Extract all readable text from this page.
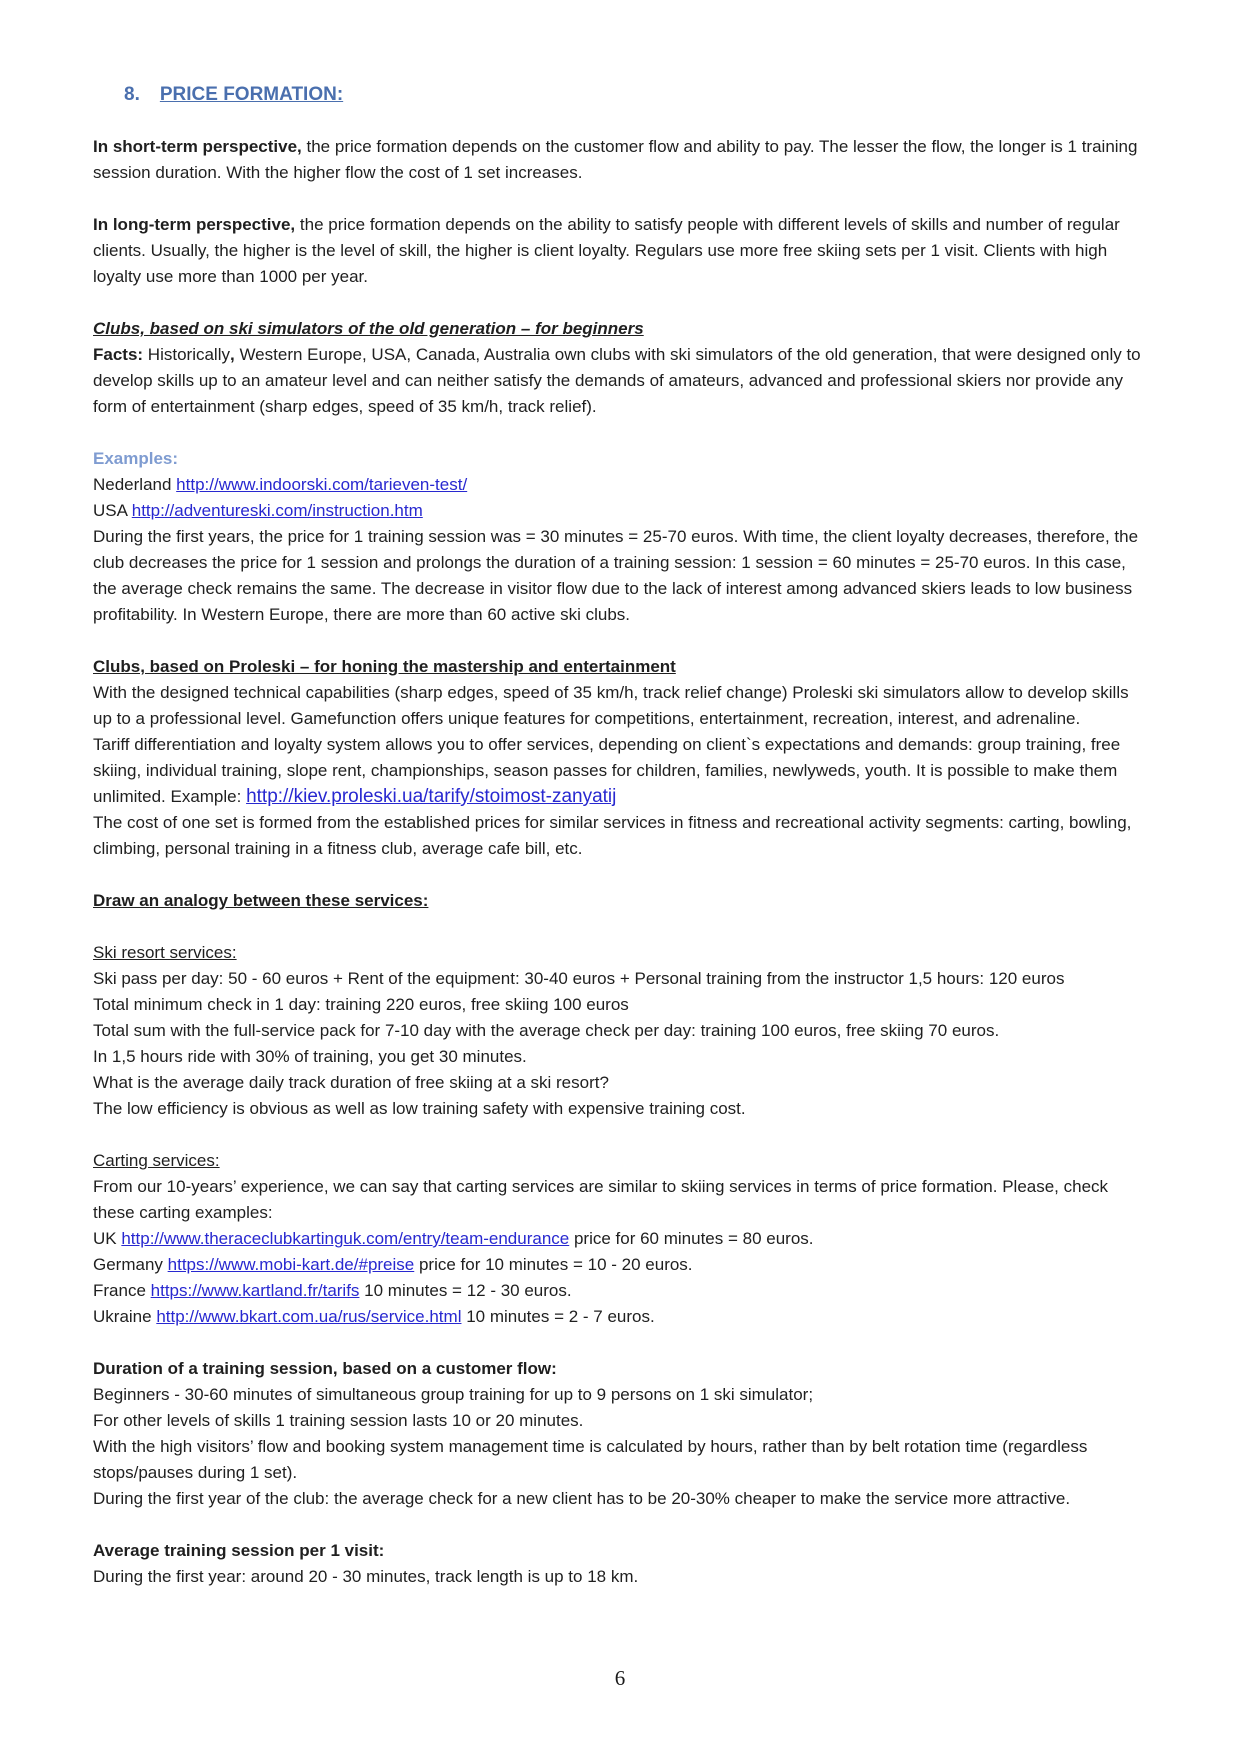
8. PRICE FORMATION:

In short-term perspective, the price formation depends on the customer flow and ability to pay. The lesser the flow, the longer is 1 training session duration. With the higher flow the cost of 1 set increases.

In long-term perspective, the price formation depends on the ability to satisfy people with different levels of skills and number of regular clients. Usually, the higher is the level of skill, the higher is client loyalty. Regulars use more free skiing sets per 1 visit. Clients with high loyalty use more than 1000 per year.

Clubs, based on ski simulators of the old generation – for beginners

Facts: Historically, Western Europe, USA, Canada, Australia own clubs with ski simulators of the old generation, that were designed only to develop skills up to an amateur level and can neither satisfy the demands of amateurs, advanced and professional skiers nor provide any form of entertainment (sharp edges, speed of 35 km/h, track relief).

Examples:

Nederland http://www.indoorski.com/tarieven-test/

USA http://adventureski.com/instruction.htm

During the first years, the price for 1 training session was = 30 minutes = 25-70 euros. With time, the client loyalty decreases, therefore, the club decreases the price for 1 session and prolongs the duration of a training session: 1 session = 60 minutes = 25-70 euros. In this case, the average check remains the same. The decrease in visitor flow due to the lack of interest among advanced skiers leads to low business profitability. In Western Europe, there are more than 60 active ski clubs.

Clubs, based on Proleski – for honing the mastership and entertainment

With the designed technical capabilities (sharp edges, speed of 35 km/h, track relief change) Proleski ski simulators allow to develop skills up to a professional level. Gamefunction offers unique features for competitions, entertainment, recreation, interest, and adrenaline.

Tariff differentiation and loyalty system allows you to offer services, depending on client`s expectations and demands: group training, free skiing, individual training, slope rent, championships, season passes for children, families, newlyweds, youth. It is possible to make them unlimited. Example: http://kiev.proleski.ua/tarify/stoimost-zanyatij

The cost of one set is formed from the established prices for similar services in fitness and recreational activity segments: carting, bowling, climbing, personal training in a fitness club, average cafe bill, etc.

Draw an analogy between these services:

Ski resort services:

Ski pass per day: 50 - 60 euros + Rent of the equipment: 30-40 euros + Personal training from the instructor 1,5 hours: 120 euros

Total minimum check in 1 day: training 220 euros, free skiing 100 euros

Total sum with the full-service pack for 7-10 day with the average check per day: training 100 euros, free skiing 70 euros.

In 1,5 hours ride with 30% of training, you get 30 minutes.

What is the average daily track duration of free skiing at a ski resort?

The low efficiency is obvious as well as low training safety with expensive training cost.

Carting services:

From our 10-years’ experience, we can say that carting services are similar to skiing services in terms of price formation. Please, check these carting examples:

UK http://www.theraceclubkartinguk.com/entry/team-endurance price for 60 minutes = 80 euros.

Germany https://www.mobi-kart.de/#preise price for 10 minutes = 10 - 20 euros.

France https://www.kartland.fr/tarifs 10 minutes = 12 - 30 euros.

Ukraine http://www.bkart.com.ua/rus/service.html 10 minutes = 2 - 7 euros.

Duration of a training session, based on a customer flow:

Beginners - 30-60 minutes of simultaneous group training for up to 9 persons on 1 ski simulator;

For other levels of skills 1 training session lasts 10 or 20 minutes.

With the high visitors’ flow and booking system management time is calculated by hours, rather than by belt rotation time (regardless stops/pauses during 1 set).

During the first year of the club: the average check for a new client has to be 20-30% cheaper to make the service more attractive.

Average training session per 1 visit:

During the first year: around 20 - 30 minutes, track length is up to 18 km.

6
